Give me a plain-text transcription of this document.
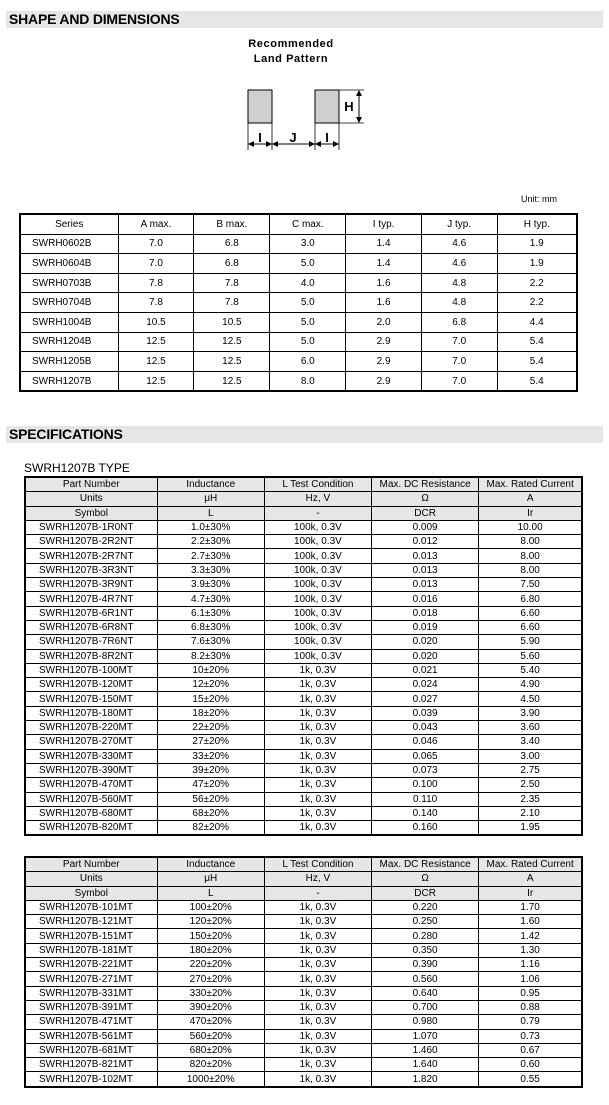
SHAPE AND DIMENSIONS
Recommended
Land Pattern
H
I J I
Unit: mm
Series	A max.	B max.	C max.	I typ.	J typ.	H typ.
SWRH0602B	7.0	6.8	3.0	1.4	4.6	1.9
SWRH0604B	7.0	6.8	5.0	1.4	4.6	1.9
SWRH0703B	7.8	7.8	4.0	1.6	4.8	2.2
SWRH0704B	7.8	7.8	5.0	1.6	4.8	2.2
SWRH1004B	10.5	10.5	5.0	2.0	6.8	4.4
SWRH1204B	12.5	12.5	5.0	2.9	7.0	5.4
SWRH1205B	12.5	12.5	6.0	2.9	7.0	5.4
SWRH1207B	12.5	12.5	8.0	2.9	7.0	5.4
SPECIFICATIONS
SWRH1207B TYPE
Part Number	Inductance	L Test Condition	Max. DC Resistance	Max. Rated Current
Units	μH	Hz, V	Ω	A
Symbol	L	-	DCR	Ir
SWRH1207B-1R0NT	1.0±30%	100k, 0.3V	0.009	10.00
SWRH1207B-2R2NT	2.2±30%	100k, 0.3V	0.012	8.00
SWRH1207B-2R7NT	2.7±30%	100k, 0.3V	0.013	8.00
SWRH1207B-3R3NT	3.3±30%	100k, 0.3V	0.013	8.00
SWRH1207B-3R9NT	3.9±30%	100k, 0.3V	0.013	7.50
SWRH1207B-4R7NT	4.7±30%	100k, 0.3V	0.016	6.80
SWRH1207B-6R1NT	6.1±30%	100k, 0.3V	0.018	6.60
SWRH1207B-6R8NT	6.8±30%	100k, 0.3V	0.019	6.60
SWRH1207B-7R6NT	7.6±30%	100k, 0.3V	0.020	5.90
SWRH1207B-8R2NT	8.2±30%	100k, 0.3V	0.020	5.60
SWRH1207B-100MT	10±20%	1k, 0.3V	0.021	5.40
SWRH1207B-120MT	12±20%	1k, 0.3V	0.024	4.90
SWRH1207B-150MT	15±20%	1k, 0.3V	0.027	4.50
SWRH1207B-180MT	18±20%	1k, 0.3V	0.039	3.90
SWRH1207B-220MT	22±20%	1k, 0.3V	0.043	3.60
SWRH1207B-270MT	27±20%	1k, 0.3V	0.046	3.40
SWRH1207B-330MT	33±20%	1k, 0.3V	0.065	3.00
SWRH1207B-390MT	39±20%	1k, 0.3V	0.073	2.75
SWRH1207B-470MT	47±20%	1k, 0.3V	0.100	2.50
SWRH1207B-560MT	56±20%	1k, 0.3V	0.110	2.35
SWRH1207B-680MT	68±20%	1k, 0.3V	0.140	2.10
SWRH1207B-820MT	82±20%	1k, 0.3V	0.160	1.95
Part Number	Inductance	L Test Condition	Max. DC Resistance	Max. Rated Current
Units	μH	Hz, V	Ω	A
Symbol	L	-	DCR	Ir
SWRH1207B-101MT	100±20%	1k, 0.3V	0.220	1.70
SWRH1207B-121MT	120±20%	1k, 0.3V	0.250	1.60
SWRH1207B-151MT	150±20%	1k, 0.3V	0.280	1.42
SWRH1207B-181MT	180±20%	1k, 0.3V	0.350	1.30
SWRH1207B-221MT	220±20%	1k, 0.3V	0.390	1.16
SWRH1207B-271MT	270±20%	1k, 0.3V	0.560	1.06
SWRH1207B-331MT	330±20%	1k, 0.3V	0.640	0.95
SWRH1207B-391MT	390±20%	1k, 0.3V	0.700	0.88
SWRH1207B-471MT	470±20%	1k, 0.3V	0.980	0.79
SWRH1207B-561MT	560±20%	1k, 0.3V	1.070	0.73
SWRH1207B-681MT	680±20%	1k, 0.3V	1.460	0.67
SWRH1207B-821MT	820±20%	1k, 0.3V	1.640	0.60
SWRH1207B-102MT	1000±20%	1k, 0.3V	1.820	0.55
